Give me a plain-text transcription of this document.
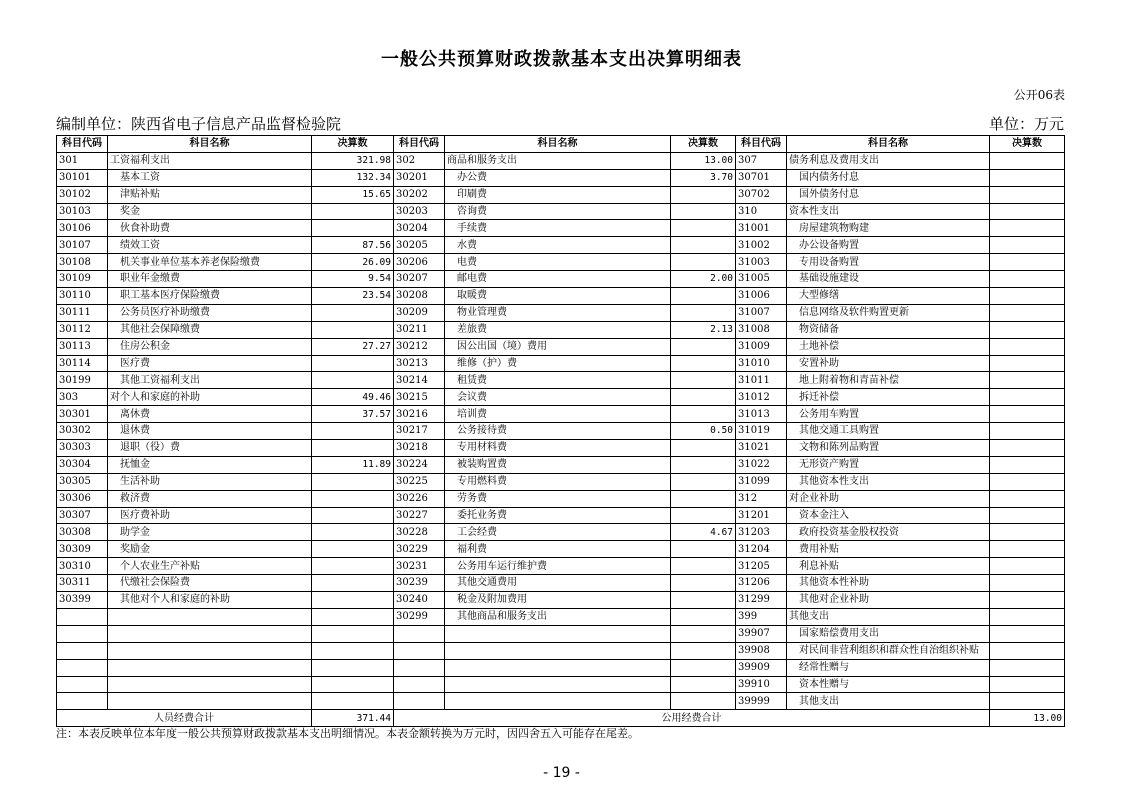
一般公共预算财政拨款基本支出决算明细表
公开06表
编制单位：陕西省电子信息产品监督检验院	单位：万元
科目代码	科目名称	决算数	科目代码	科目名称	决算数	科目代码	科目名称	决算数
301	工资福利支出	321.98	302	商品和服务支出	13.00	307	债务利息及费用支出	
30101	基本工资	132.34	30201	办公费	3.70	30701	国内债务付息	
30102	津贴补贴	15.65	30202	印刷费		30702	国外债务付息	
30103	奖金		30203	咨询费		310	资本性支出	
30106	伙食补助费		30204	手续费		31001	房屋建筑物购建	
30107	绩效工资	87.56	30205	水费		31002	办公设备购置	
30108	机关事业单位基本养老保险缴费	26.09	30206	电费		31003	专用设备购置	
30109	职业年金缴费	9.54	30207	邮电费	2.00	31005	基础设施建设	
30110	职工基本医疗保险缴费	23.54	30208	取暖费		31006	大型修缮	
30111	公务员医疗补助缴费		30209	物业管理费		31007	信息网络及软件购置更新	
30112	其他社会保障缴费		30211	差旅费	2.13	31008	物资储备	
30113	住房公积金	27.27	30212	因公出国（境）费用		31009	土地补偿	
30114	医疗费		30213	维修（护）费		31010	安置补助	
30199	其他工资福利支出		30214	租赁费		31011	地上附着物和青苗补偿	
303	对个人和家庭的补助	49.46	30215	会议费		31012	拆迁补偿	
30301	离休费	37.57	30216	培训费		31013	公务用车购置	
30302	退休费		30217	公务接待费	0.50	31019	其他交通工具购置	
30303	退职（役）费		30218	专用材料费		31021	文物和陈列品购置	
30304	抚恤金	11.89	30224	被装购置费		31022	无形资产购置	
30305	生活补助		30225	专用燃料费		31099	其他资本性支出	
30306	救济费		30226	劳务费		312	对企业补助	
30307	医疗费补助		30227	委托业务费		31201	资本金注入	
30308	助学金		30228	工会经费	4.67	31203	政府投资基金股权投资	
30309	奖励金		30229	福利费		31204	费用补贴	
30310	个人农业生产补贴		30231	公务用车运行维护费		31205	利息补贴	
30311	代缴社会保险费		30239	其他交通费用		31206	其他资本性补助	
30399	其他对个人和家庭的补助		30240	税金及附加费用		31299	其他对企业补助	
			30299	其他商品和服务支出		399	其他支出	
						39907	国家赔偿费用支出	
						39908	对民间非营利组织和群众性自治组织补贴	
						39909	经常性赠与	
						39910	资本性赠与	
						39999	其他支出	
人员经费合计		371.44	公用经费合计					13.00
注：本表反映单位本年度一般公共预算财政拨款基本支出明细情况。本表金额转换为万元时，因四舍五入可能存在尾差。
- 19 -
